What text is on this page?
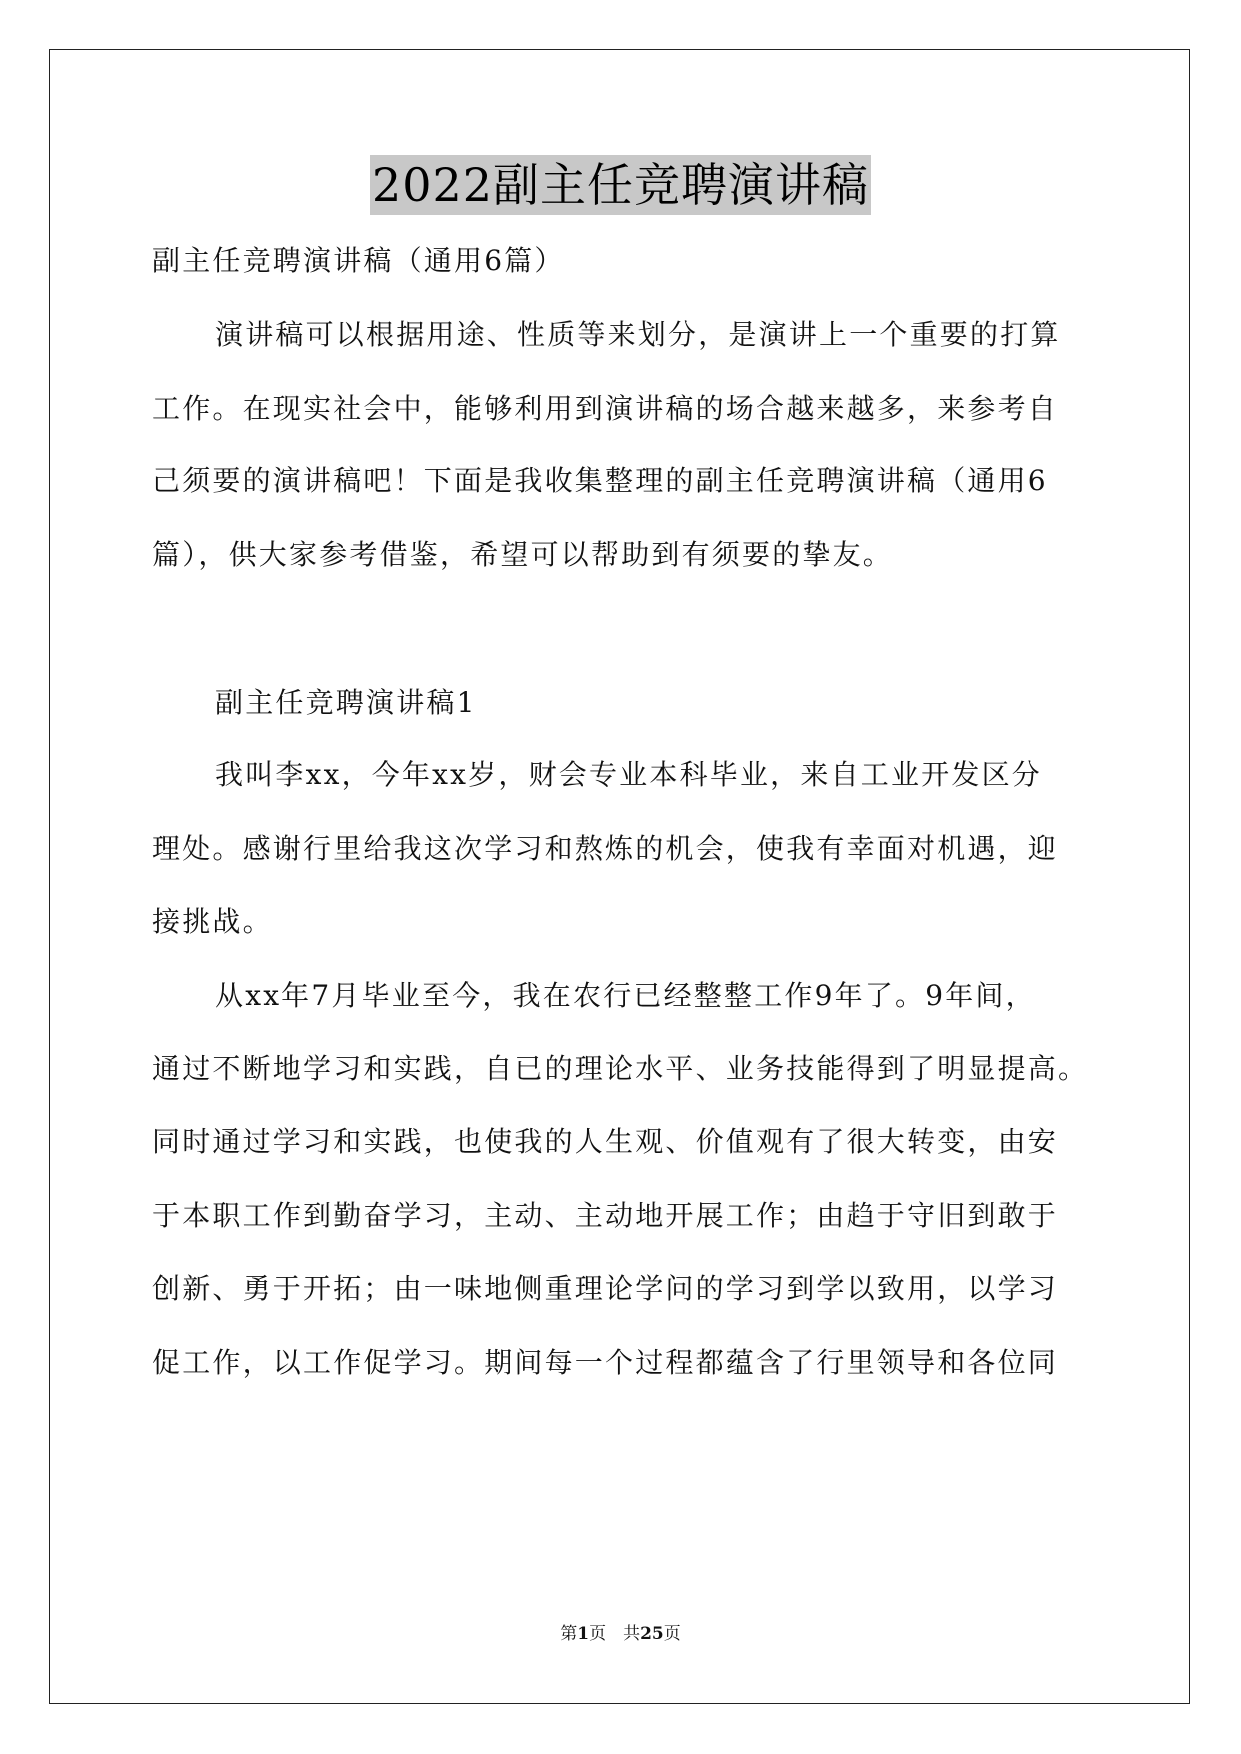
2022副主任竞聘演讲稿
副主任竞聘演讲稿（通用6篇）
演讲稿可以根据用途、性质等来划分，是演讲上一个重要的打算
工作。在现实社会中，能够利用到演讲稿的场合越来越多，来参考自
己须要的演讲稿吧！下面是我收集整理的副主任竞聘演讲稿（通用6
篇），供大家参考借鉴，希望可以帮助到有须要的挚友。
副主任竞聘演讲稿1
我叫李xx，今年xx岁，财会专业本科毕业，来自工业开发区分
理处。感谢行里给我这次学习和熬炼的机会，使我有幸面对机遇，迎
接挑战。
从xx年7月毕业至今，我在农行已经整整工作9年了。9年间，
通过不断地学习和实践，自已的理论水平、业务技能得到了明显提高。
同时通过学习和实践，也使我的人生观、价值观有了很大转变，由安
于本职工作到勤奋学习，主动、主动地开展工作；由趋于守旧到敢于
创新、勇于开拓；由一味地侧重理论学问的学习到学以致用，以学习
促工作，以工作促学习。期间每一个过程都蕴含了行里领导和各位同
第1页　共25页
